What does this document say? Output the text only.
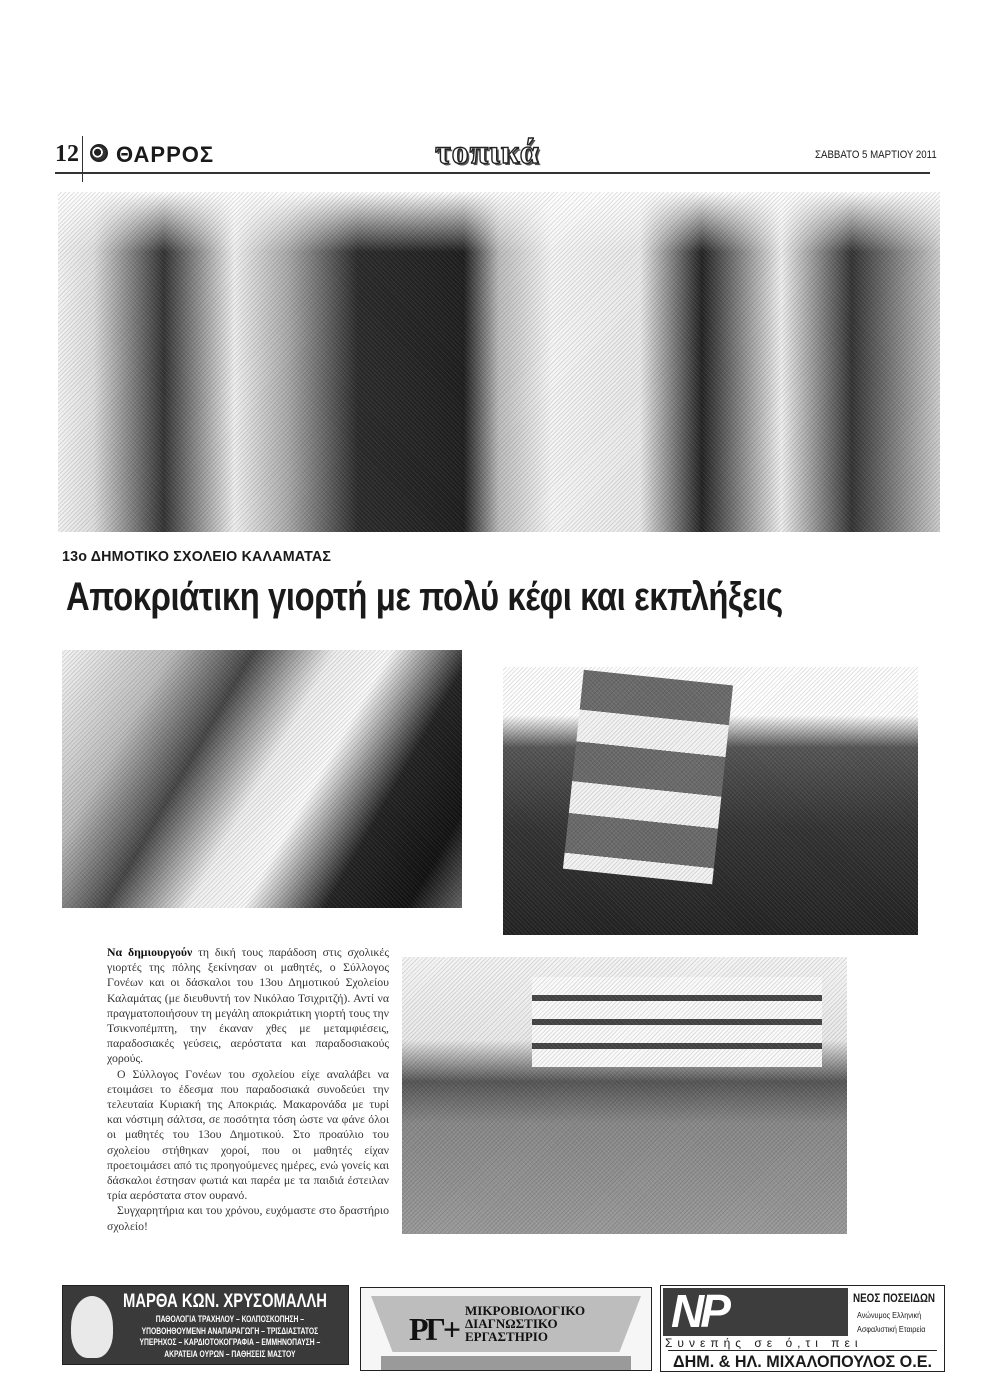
12 ΘΑΡΡΟΣ	τοπικά	ΣΑΒΒΑΤΟ 5 ΜΑΡΤΙΟΥ 2011
13ο ΔΗΜΟΤΙΚΟ ΣΧΟΛΕΙΟ ΚΑΛΑΜΑΤΑΣ
Αποκριάτικη γιορτή με πολύ κέφι και εκπλήξεις

Να δημιουργούν τη δική τους παράδοση στις σχολικές γιορτές της πόλης ξεκίνησαν οι μαθητές, ο Σύλλογος Γονέων και οι δάσκαλοι του 13ου Δημοτικού Σχολείου Καλαμάτας (με διευθυντή τον Νικόλαο Τσιχριτζή). Αντί να πραγματοποιήσουν τη μεγάλη αποκριάτικη γιορτή τους την Τσικνοπέμπτη, την έκαναν χθες με μεταμφιέσεις, παραδοσιακές γεύσεις, αερόστατα και παραδοσιακούς χορούς.

Ο Σύλλογος Γονέων του σχολείου είχε αναλάβει να ετοιμάσει το έδεσμα που παραδοσιακά συνοδεύει την τελευταία Κυριακή της Αποκριάς. Μακαρονάδα με τυρί και νόστιμη σάλτσα, σε ποσότητα τόση ώστε να φάνε όλοι οι μαθητές του 13ου Δημοτικού. Στο προαύλιο του σχολείου στήθηκαν χοροί, που οι μαθητές είχαν προετοιμάσει από τις προηγούμενες ημέρες, ενώ γονείς και δάσκαλοι έστησαν φωτιά και παρέα με τα παιδιά έστειλαν τρία αερόστατα στον ουρανό.

Συγχαρητήρια και του χρόνου, ευχόμαστε στο δραστήριο σχολείο!

ΜΑΡΘΑ ΚΩΝ. ΧΡΥΣΟΜΑΛΛΗ
ΠΑΘΟΛΟΓΙΑ ΤΡΑΧΗΛΟΥ – ΚΟΛΠΟΣΚΟΠΗΣΗ – ΥΠΟΒΟΗΘΟΥΜΕΝΗ ΑΝΑΠΑΡΑΓΩΓΗ – ΤΡΙΣΔΙΑΣΤΑΤΟΣ ΥΠΕΡΗΧΟΣ – ΚΑΡΔΙΟΤΟΚΟΓΡΑΦΙΑ – ΕΜΜΗΝΟΠΑΥΣΗ – ΑΚΡΑΤΕΙΑ ΟΥΡΩΝ – ΠΑΘΗΣΕΙΣ ΜΑΣΤΟΥ
PΓ+
ΜΙΚΡΟΒΙΟΛΟΓΙΚΟ
ΔΙΑΓΝΩΣΤΙΚΟ
ΕΡΓΑΣΤΗΡΙΟ	NP	ΝΕΟΣ ΠΟΣΕΙΔΩΝ
Ανώνυμος Ελληνική
Ασφαλιστική Εταιρεία
Συνεπής σε ό,τι πει
ΔΗΜ. & ΗΛ. ΜΙΧΑΛΟΠΟΥΛΟΣ Ο.Ε.
